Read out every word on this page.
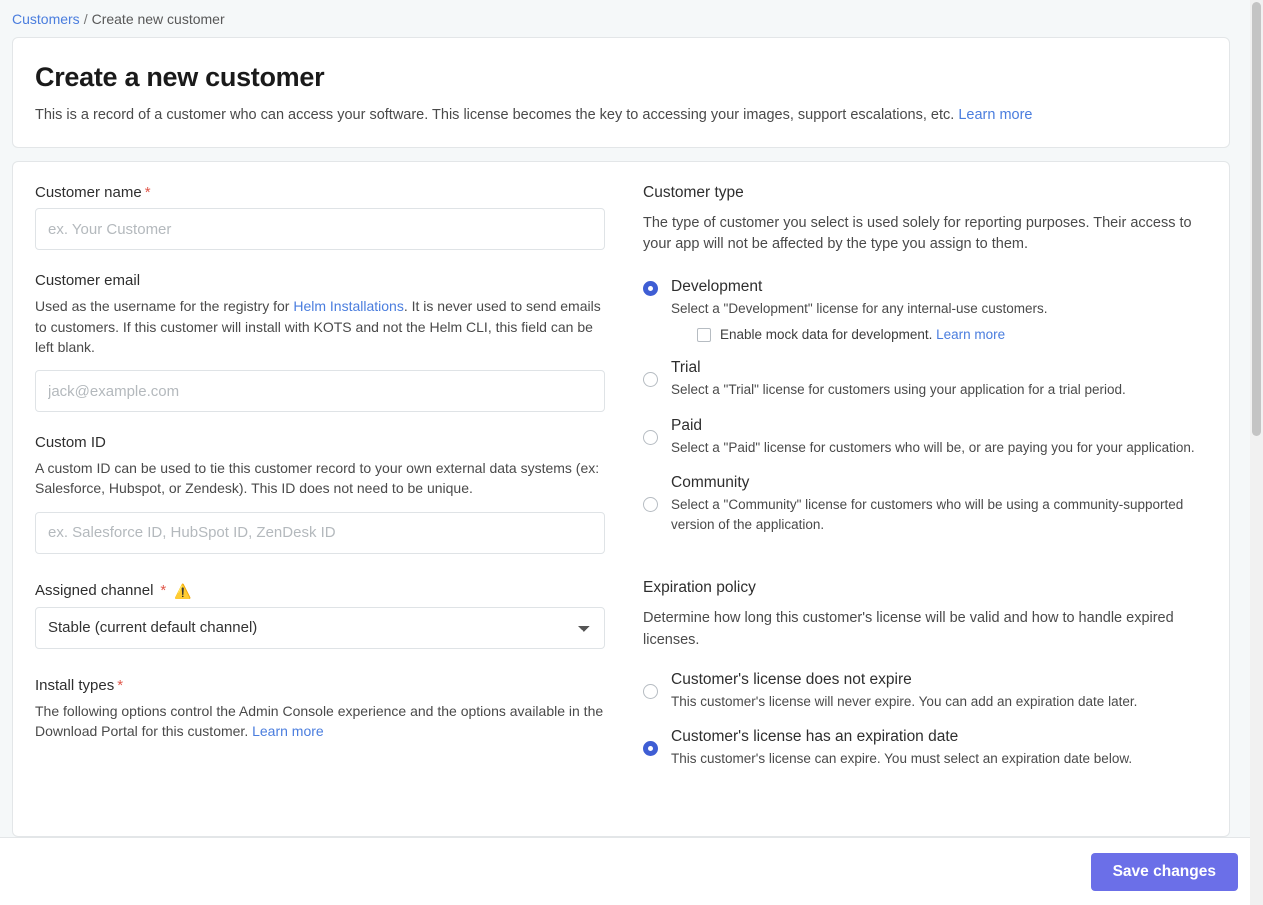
Customers / Create new customer
Create a new customer

This is a record of a customer who can access your software. This license becomes the key to accessing your images, support escalations, etc. Learn more

Customer name *
ex. Your Customer
Customer email

Used as the username for the registry for Helm Installations. It is never used to send emails to customers. If this customer will install with KOTS and not the Helm CLI, this field can be left blank.

jack@example.com
Custom ID

A custom ID can be used to tie this customer record to your own external data systems (ex: Salesforce, Hubspot, or Zendesk). This ID does not need to be unique.

ex. Salesforce ID, HubSpot ID, ZenDesk ID
Assigned channel * ⚠️
Stable (current default channel)
Install types *

The following options control the Admin Console experience and the options available in the Download Portal for this customer. Learn more

Customer type

The type of customer you select is used solely for reporting purposes. Their access to your app will not be affected by the type you assign to them.

Development
Select a "Development" license for any internal-use customers.
Enable mock data for development. Learn more
Trial
Select a "Trial" license for customers using your application for a trial period.
Paid
Select a "Paid" license for customers who will be, or are paying you for your application.
Community
Select a "Community" license for customers who will be using a community-supported version of the application.
Expiration policy

Determine how long this customer's license will be valid and how to handle expired licenses.

Customer's license does not expire
This customer's license will never expire. You can add an expiration date later.
Customer's license has an expiration date
This customer's license can expire. You must select an expiration date below.
Save changes
